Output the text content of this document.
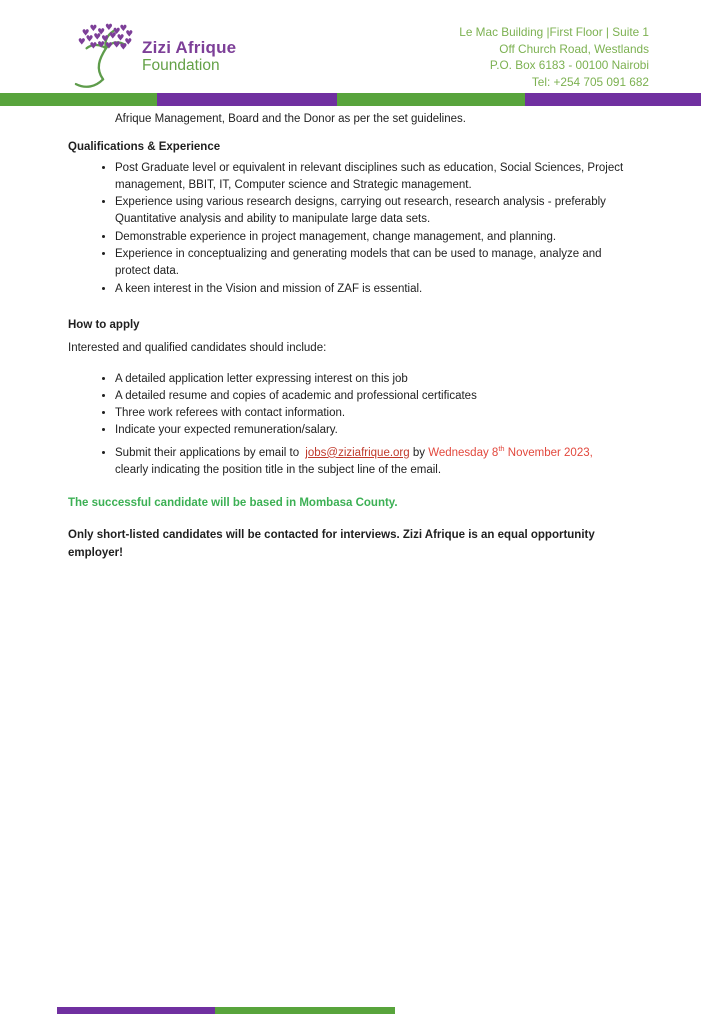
♥ ♥ ♥ ♥ ♥
♥
♥
♥ ♥ ♥ ♥ ♥ ♥ ♥
♥ ♥ ♥ ♥
♥ Zizi Afrique
Foundation
Le Mac Building |First Floor | Suite 1
Off Church Road, Westlands
P.O. Box 6183 - 00100 Nairobi
Tel: +254 705 091 682
Afrique Management, Board and the Donor as per the set guidelines.
Qualifications & Experience
• Post Graduate level or equivalent in relevant disciplines such as education, Social Sciences, Project management, BBIT, IT, Computer science and Strategic management.
• Experience using various research designs, carrying out research, research analysis - preferably Quantitative analysis and ability to manipulate large data sets.
• Demonstrable experience in project management, change management, and planning.
• Experience in conceptualizing and generating models that can be used to manage, analyze and protect data.
• A keen interest in the Vision and mission of ZAF is essential.
How to apply
Interested and qualified candidates should include:
• A detailed application letter expressing interest on this job
• A detailed resume and copies of academic and professional certificates
• Three work referees with contact information.
• Indicate your expected remuneration/salary.
• Submit their applications by email to jobs@ziziafrique.org by Wednesday 8th November 2023,
clearly indicating the position title in the subject line of the email.
The successful candidate will be based in Mombasa County.
Only short-listed candidates will be contacted for interviews. Zizi Afrique is an equal opportunity employer!
